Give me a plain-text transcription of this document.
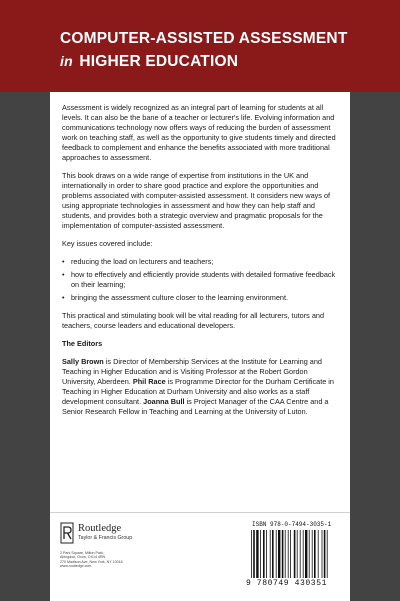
COMPUTER-ASSISTED ASSESSMENT
in HIGHER EDUCATION

Assessment is widely recognized as an integral part of learning for students at all levels. It can also be the bane of a teacher or lecturer's life. Evolving information and communications technology now offers ways of reducing the burden of assessment work on teaching staff, as well as the opportunity to give students timely and directed feedback to complement and enhance the benefits associated with more traditional approaches to assessment.

This book draws on a wide range of expertise from institutions in the UK and internationally in order to share good practice and explore the opportunities and problems associated with computer-assisted assessment. It considers new ways of using appropriate technologies in assessment and how they can help staff and students, and provides both a strategic overview and pragmatic proposals for the implementation of computer-assisted assessment.

Key issues covered include:

• reducing the load on lecturers and teachers;
• how to effectively and efficiently provide students with detailed formative feedback on their learning;
• bringing the assessment culture closer to the learning environment.

This practical and stimulating book will be vital reading for all lecturers, tutors and teachers, course leaders and educational developers.

The Editors

Sally Brown is Director of Membership Services at the Institute for Learning and Teaching in Higher Education and is Visiting Professor at the Robert Gordon University, Aberdeen. Phil Race is Programme Director for the Durham Certificate in Teaching in Higher Education at Durham University and also works as a staff development consultant. Joanna Bull is Project Manager of the CAA Centre and a Senior Research Fellow in Teaching and Learning at the University of Luton.

Routledge
Taylor & Francis Group
2 Park Square, Milton Park,
Abingdon, Oxon, OX14 4RN
270 Madison Ave, New York, NY 10016
www.routledge.com
ISBN 978-0-7494-3035-1
9 780749 430351
